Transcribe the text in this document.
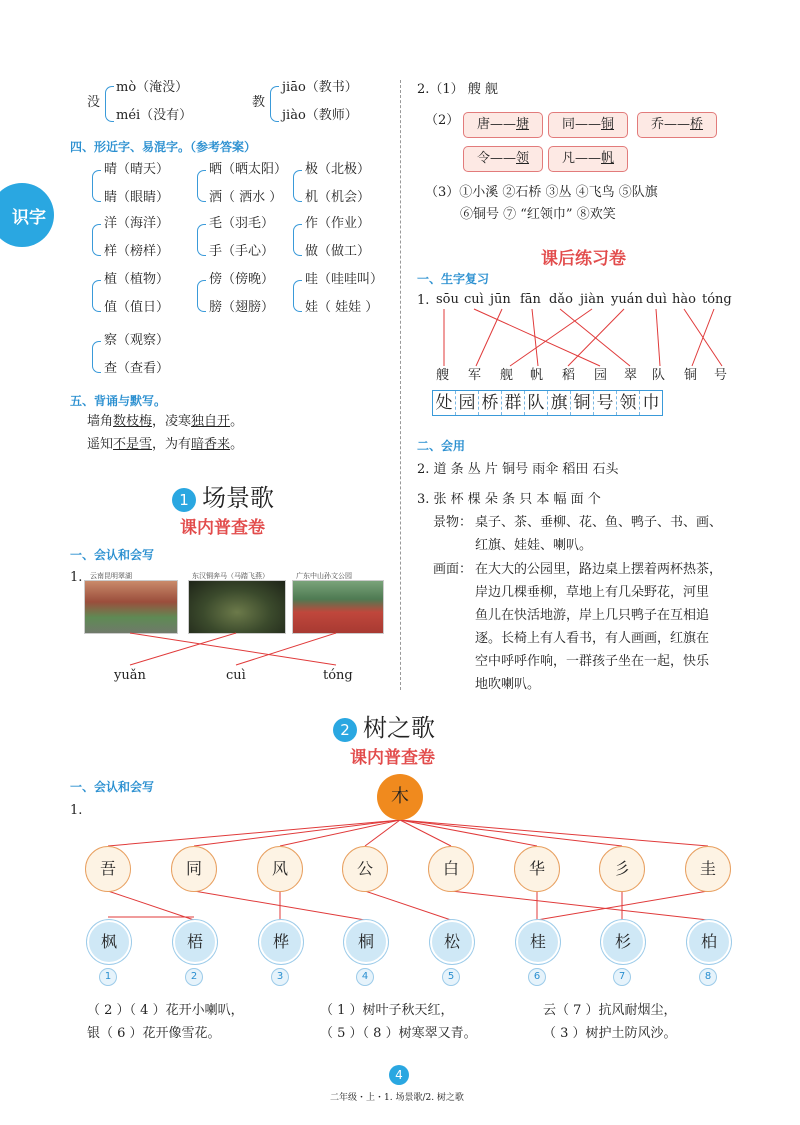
识字
没
mò（淹没）
méi（没有）
教
jiāo（教书）
jiào（教师）
四、形近字、易混字。（参考答案）
五、背诵与默写。
墙角数枝梅，凌寒独自开。
遥知不是雪，为有暗香来。
1 场景歌
课内普查卷
一、会认和会写
1. 云南昆明翠湖	东汉铜奔马（马踏飞燕）	广东中山孙文公园
yuǎn	cuì	tóng
2.（1） 艘 舰
（2）
（3）①小溪 ②石桥 ③丛 ④飞鸟 ⑤队旗
⑥铜号 ⑦ “红领巾” ⑧欢笑
课后练习卷
一、生字复习
1.
处 园 桥 群 队 旗 铜 号 领 巾
二、会用
2. 道 条 丛 片 铜号 雨伞 稻田 石头
3. 张 杯 棵 朵 条 只 本 幅 面 个
景物： 桌子、茶、垂柳、花、鱼、鸭子、书、画、
红旗、娃娃、喇叭。
画面：
2 树之歌
课内普查卷
一、会认和会写
1.
木
（ 2 ）（ 4 ）花开小喇叭，
银（ 6 ）花开像雪花。
（ 1 ）树叶子秋天红，
（ 5 ）（ 8 ）树寒翠又青。
云（ 7 ）抗风耐烟尘，
（ 3 ）树护土防风沙。
4
二年级・上・1. 场景歌/2. 树之歌
晴（晴天）
睛（眼睛）
晒（晒太阳）
洒（ 洒水 ）
极（北极）
机（机会）
洋（海洋）
样（榜样）
毛（羽毛）
手（手心）
作（作业）
做（做工）
植（植物）
值（值日）
傍（傍晚）
膀（翅膀）
哇（哇哇叫）
娃（ 娃娃 ）
察（观察）
查（查看）
唐——塘	同——铜	乔——桥
令——领	凡——帆
sōu cuì jūn fān dǎo jiàn yuán duì hào tóng
艘 军 舰 帆 稻 园 翠 队 铜 号
在大大的公园里，路边桌上摆着两杯热茶，
岸边几棵垂柳，草地上有几朵野花，河里
鱼儿在快活地游，岸上几只鸭子在互相追
逐。长椅上有人看书，有人画画，红旗在
空中呼呼作响，一群孩子坐在一起，快乐
地吹喇叭。
吾	同	风	公	白	华	彡	圭
枫
1
梧
2
桦
3
桐
4
松
5
桂
6
杉
7
柏
8
